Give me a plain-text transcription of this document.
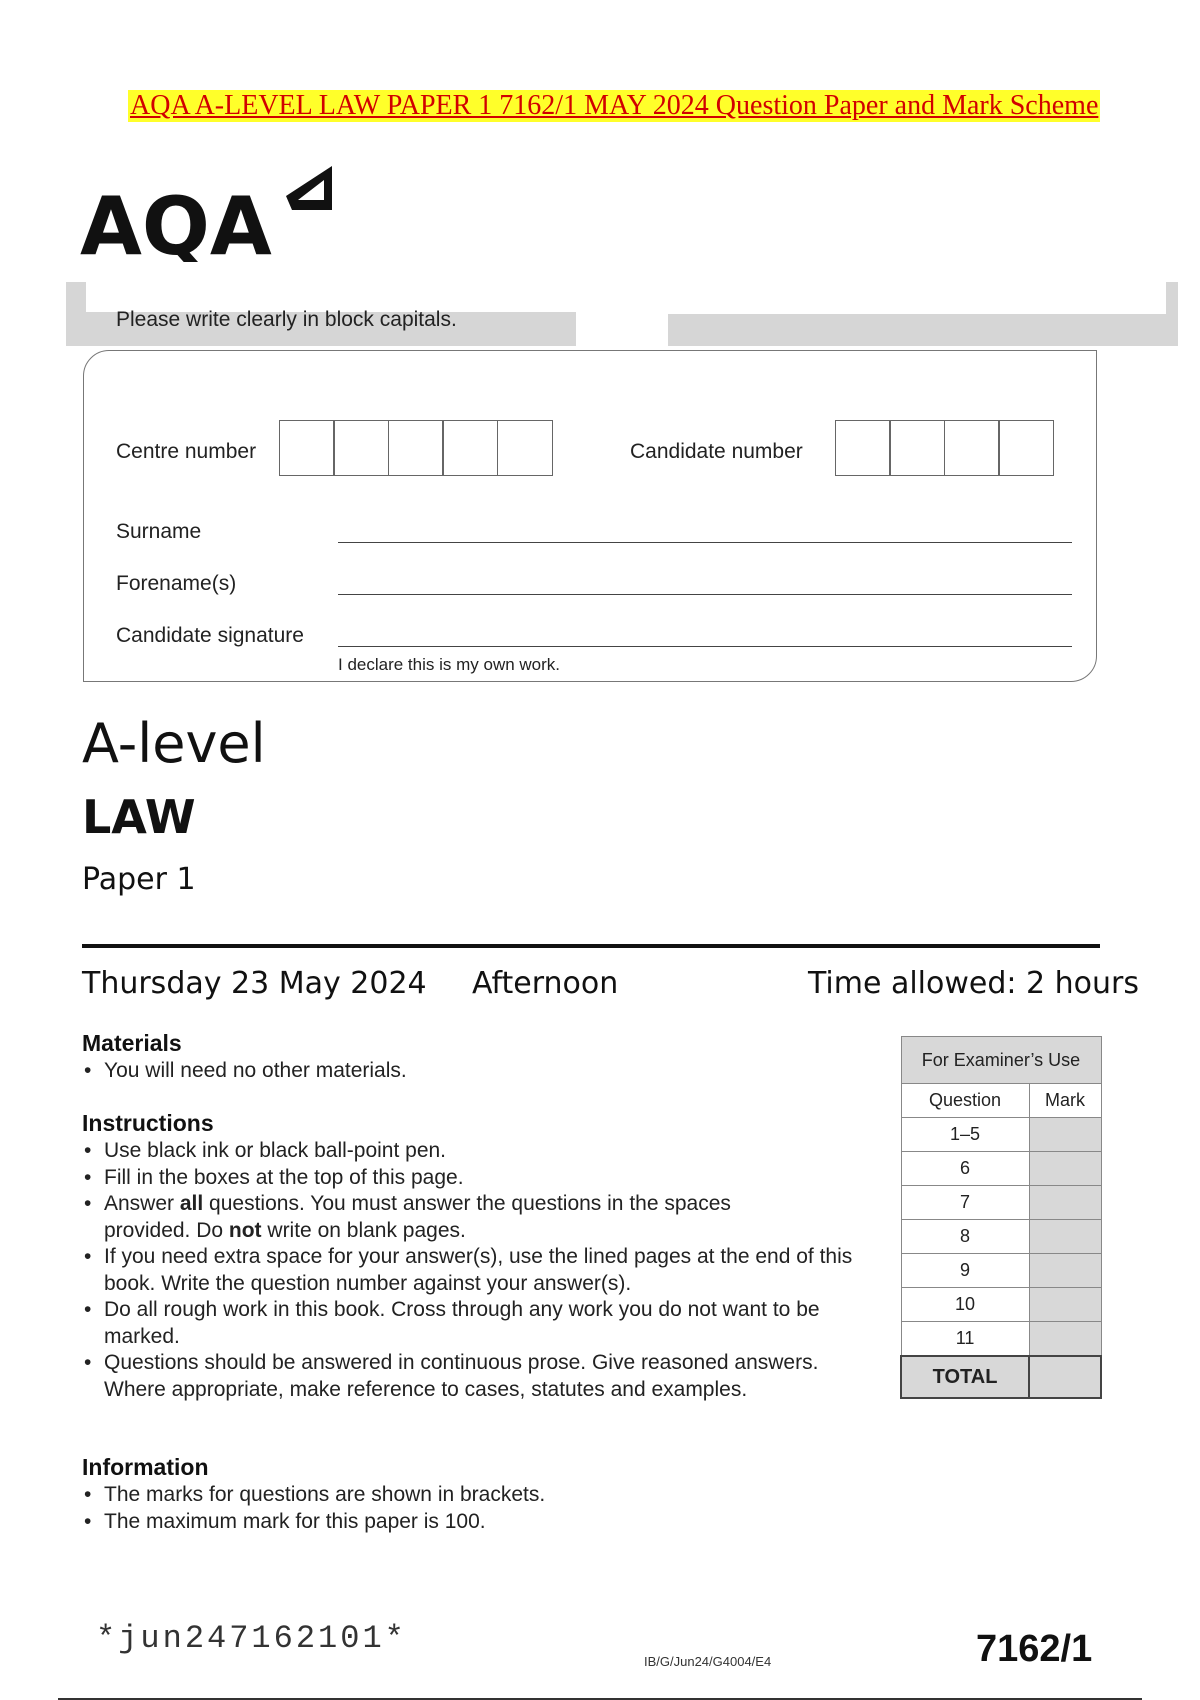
AQA A-LEVEL LAW PAPER 1 7162/1 MAY 2024 Question Paper and Mark Scheme
AQA
Please write clearly in block capitals.
Centre number	Candidate number
Surname
Forename(s)
Candidate signature
I declare this is my own work.
A-level
LAW
Paper 1
Thursday 23 May 2024 Afternoon	Time allowed: 2 hours
Materials
• You will need no other materials.
Instructions
• Use black ink or black ball-point pen.
• Fill in the boxes at the top of this page.
• Answer all questions. You must answer the questions in the spaces provided. Do not write on blank pages.
• If you need extra space for your answer(s), use the lined pages at the end of this book. Write the question number against your answer(s).
• Do all rough work in this book. Cross through any work you do not want to be marked.
• Questions should be answered in continuous prose. Give reasoned answers. Where appropriate, make reference to cases, statutes and examples.
Information
• The marks for questions are shown in brackets.
• The maximum mark for this paper is 100.
For Examiner’s Use	
Question	Mark
1–5	
6	
7	
8	
9	
10	
11	
TOTAL	
*jun247162101*
IB/G/Jun24/G4004/E4	7162/1
